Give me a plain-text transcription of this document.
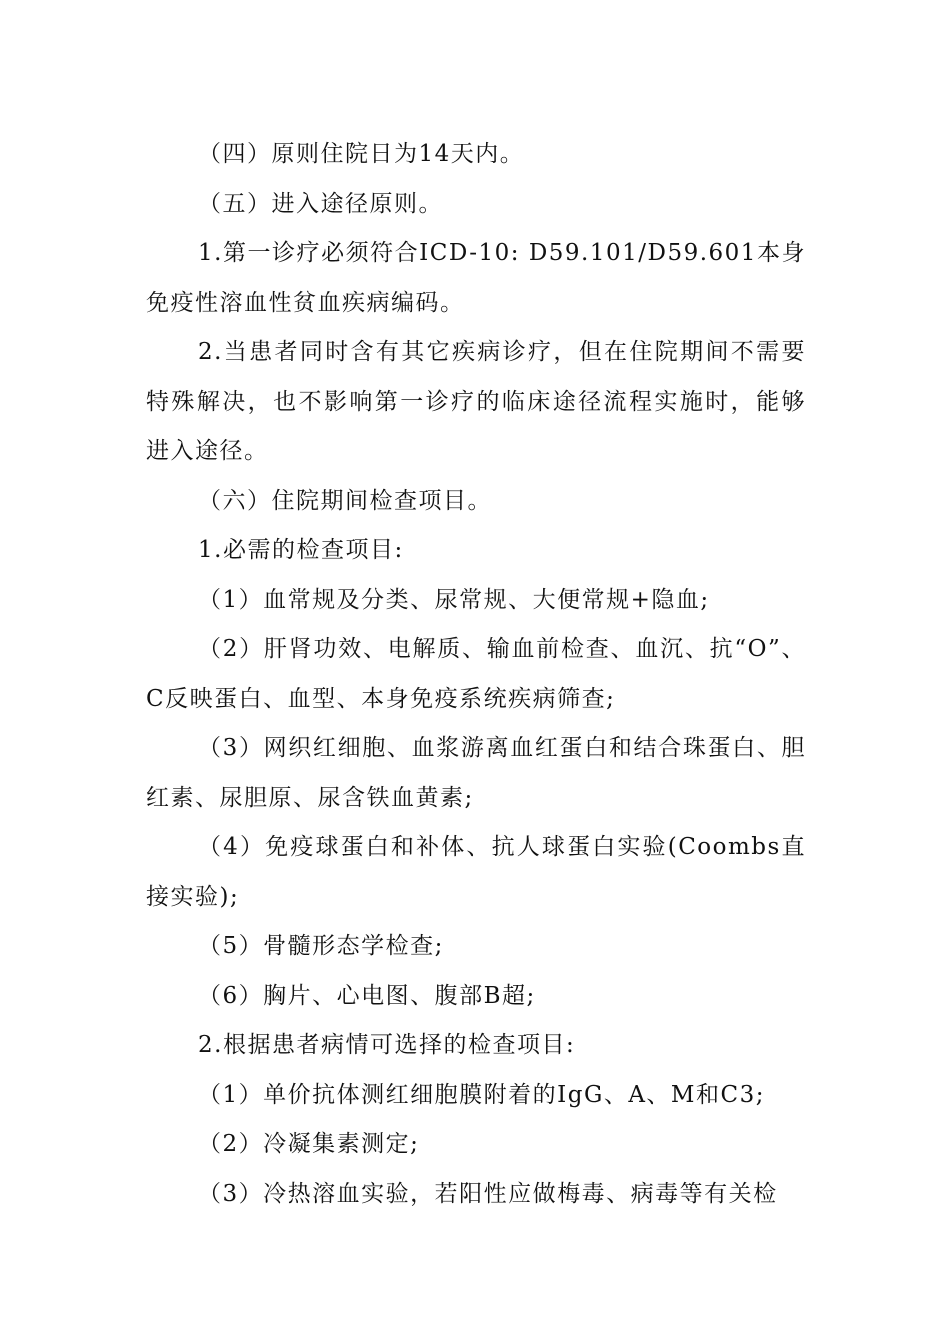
（四）原则住院日为14天内。

（五）进入途径原则。

1.第一诊疗必须符合ICD-10: D59.101/D59.601本身免疫性溶血性贫血疾病编码。

2.当患者同时含有其它疾病诊疗，但在住院期间不需要特殊解决，也不影响第一诊疗的临床途径流程实施时，能够进入途径。

（六）住院期间检查项目。

1.必需的检查项目:

（1）血常规及分类、尿常规、大便常规+隐血;

（2）肝肾功效、电解质、输血前检查、血沉、抗“O”、C反映蛋白、血型、本身免疫系统疾病筛查;

（3）网织红细胞、血浆游离血红蛋白和结合珠蛋白、胆红素、尿胆原、尿含铁血黄素;

（4）免疫球蛋白和补体、抗人球蛋白实验(Coombs直接实验);

（5）骨髓形态学检查;

（6）胸片、心电图、腹部B超;

2.根据患者病情可选择的检查项目:

（1）单价抗体测红细胞膜附着的IgG、A、M和C3;

（2）冷凝集素测定;

（3）冷热溶血实验，若阳性应做梅毒、病毒等有关检
